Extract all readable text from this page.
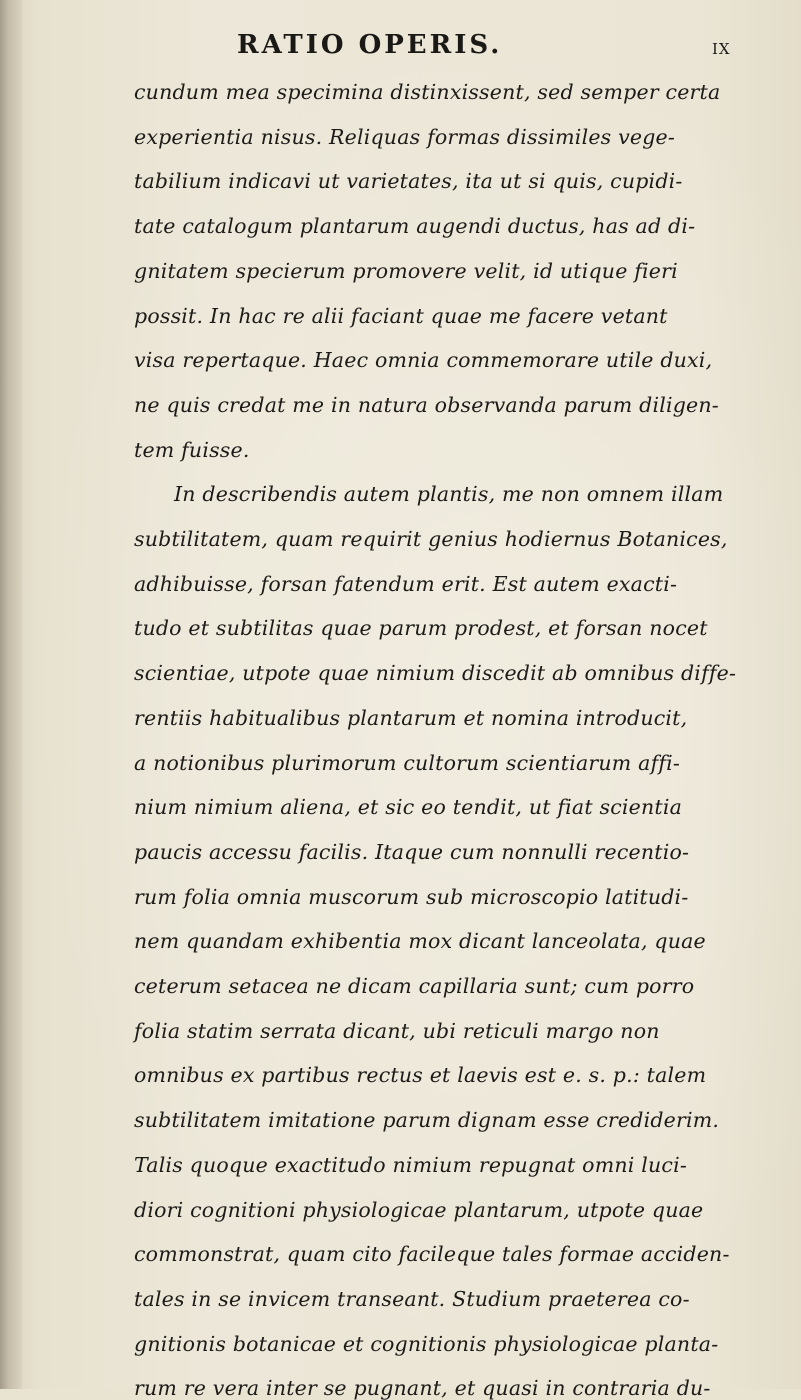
RATIO OPERIS.	IX
cundum mea specimina distinxissent, sed semper certa
experientia nisus. Reliquas formas dissimiles vege-
tabilium indicavi ut varietates, ita ut si quis, cupidi-
tate catalogum plantarum augendi ductus, has ad di-
gnitatem specierum promovere velit, id utique fieri
possit. In hac re alii faciant quae me facere vetant
visa repertaque. Haec omnia commemorare utile duxi,
ne quis credat me in natura observanda parum diligen-
tem fuisse.
In describendis autem plantis, me non omnem illam
subtilitatem, quam requirit genius hodiernus Botanices,
adhibuisse, forsan fatendum erit. Est autem exacti-
tudo et subtilitas quae parum prodest, et forsan nocet
scientiae, utpote quae nimium discedit ab omnibus diffe-
rentiis habitualibus plantarum et nomina introducit,
a notionibus plurimorum cultorum scientiarum affi-
nium nimium aliena, et sic eo tendit, ut fiat scientia
paucis accessu facilis. Itaque cum nonnulli recentio-
rum folia omnia muscorum sub microscopio latitudi-
nem quandam exhibentia mox dicant lanceolata, quae
ceterum setacea ne dicam capillaria sunt; cum porro
folia statim serrata dicant, ubi reticuli margo non
omnibus ex partibus rectus et laevis est e. s. p.: talem
subtilitatem imitatione parum dignam esse crediderim.
Talis quoque exactitudo nimium repugnat omni luci-
diori cognitioni physiologicae plantarum, utpote quae
commonstrat, quam cito facileque tales formae acciden-
tales in se invicem transeant. Studium praeterea co-
gnitionis botanicae et cognitionis physiologicae planta-
rum re vera inter se pugnant, et quasi in contraria du-
